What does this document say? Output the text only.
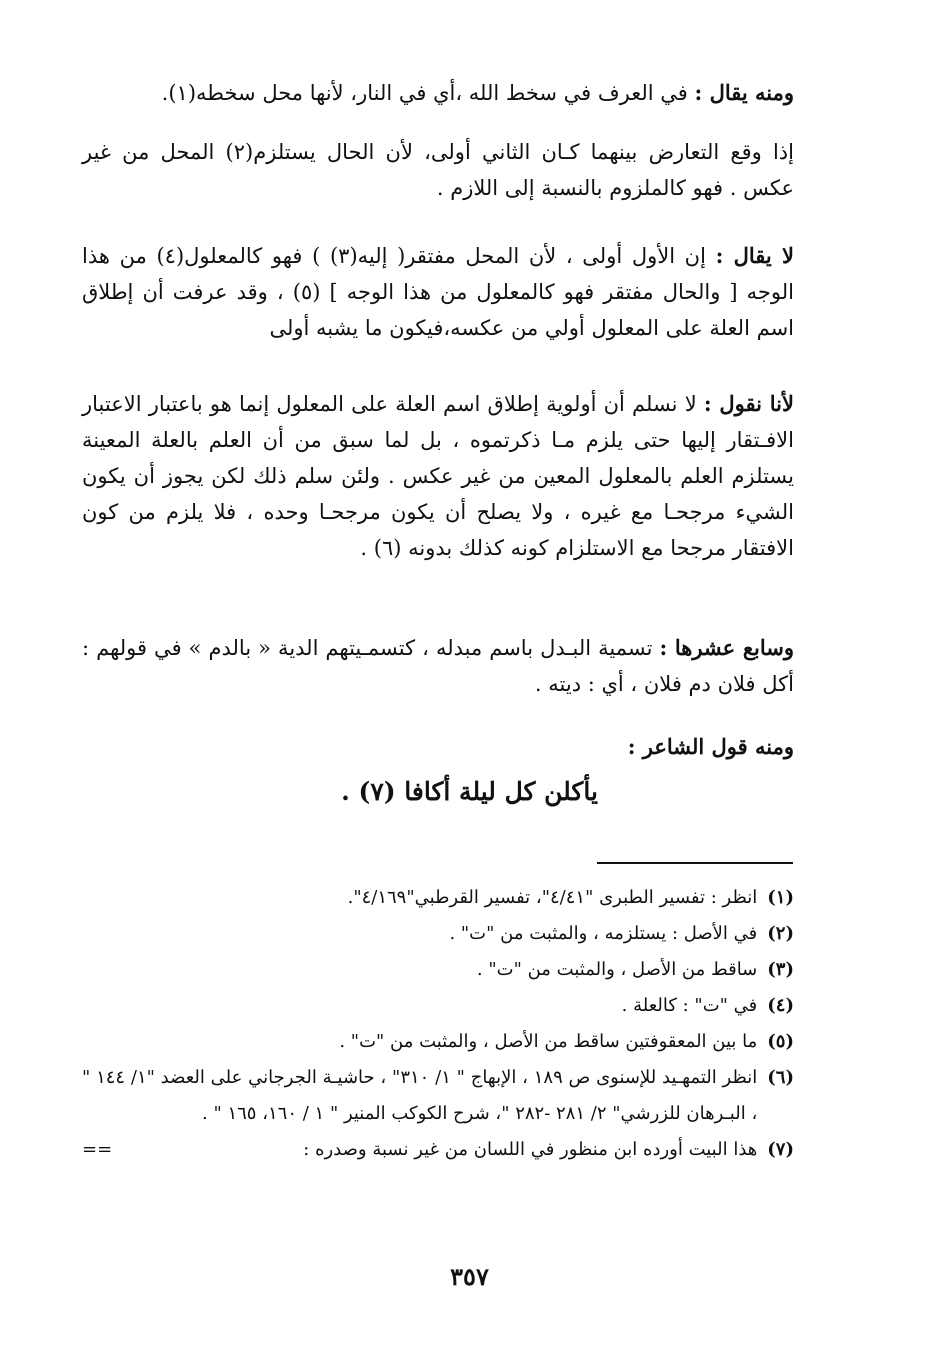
ومنه يقال : في العرف في سخط الله ،أي في النار، لأنها محل سخطه(١).

إذا وقع التعارض بينهما كـان الثاني أولى، لأن الحال يستلزم(٢) المحل من غير عكس . فهو كالملزوم بالنسبة إلى اللازم .

لا يقال : إن الأول أولى ، لأن المحل مفتقر( إليه(٣) ) فهو كالمعلول(٤) من هذا الوجه [ والحال مفتقر فهو كالمعلول من هذا الوجه ] (٥) ، وقد عرفت أن إطلاق اسم العلة على المعلول أولي من عكسه،فيكون ما يشبه أولى

لأنا نقول : لا نسلم أن أولوية إطلاق اسم العلة على المعلول إنما هو باعتبار الاعتبار الافـتقار إليها حتى يلزم مـا ذكرتموه ، بل لما سبق من أن العلم بالعلة المعينة يستلزم العلم بالمعلول المعين من غير عكس . ولئن سلم ذلك لكن يجوز أن يكون الشيء مرجحـا مع غيره ، ولا يصلح أن يكون مرجحـا وحده ، فلا يلزم من كون الافتقار مرجحا مع الاستلزام كونه كذلك بدونه (٦) .

وسابع عشرها : تسمية البـدل باسم مبدله ، كتسمـيتهم الدية « بالدم » في قولهم : أكل فلان دم فلان ، أي : ديته .

ومنه قول الشاعر :

يأكلن كل ليلة أكافا (٧) .
(١)
انظر : تفسير الطبرى "٤/٤١"، تفسير القرطبي"٤/١٦٩".
(٢)
في الأصل : يستلزمه ، والمثبت من "ت" .
(٣)
ساقط من الأصل ، والمثبت من "ت" .
(٤)
في "ت" : كالعلة .
(٥)
ما بين المعقوفتين ساقط من الأصل ، والمثبت من "ت" .
(٦)
انظر التمهـيد للإسنوى ص ١٨٩ ، الإبهاج " ١/ ٣١٠" ، حاشيـة الجرجاني على العضد "١/ ١٤٤ " ، البـرهان للزرشي" ٢/ ٢٨١ -٢٨٢ "، شرح الكوكب المنير " ١ / ١٦٠، ١٦٥ " .
(٧)
هذا البيت أورده ابن منظور في اللسان من غير نسبة وصدره :
==
٣٥٧
